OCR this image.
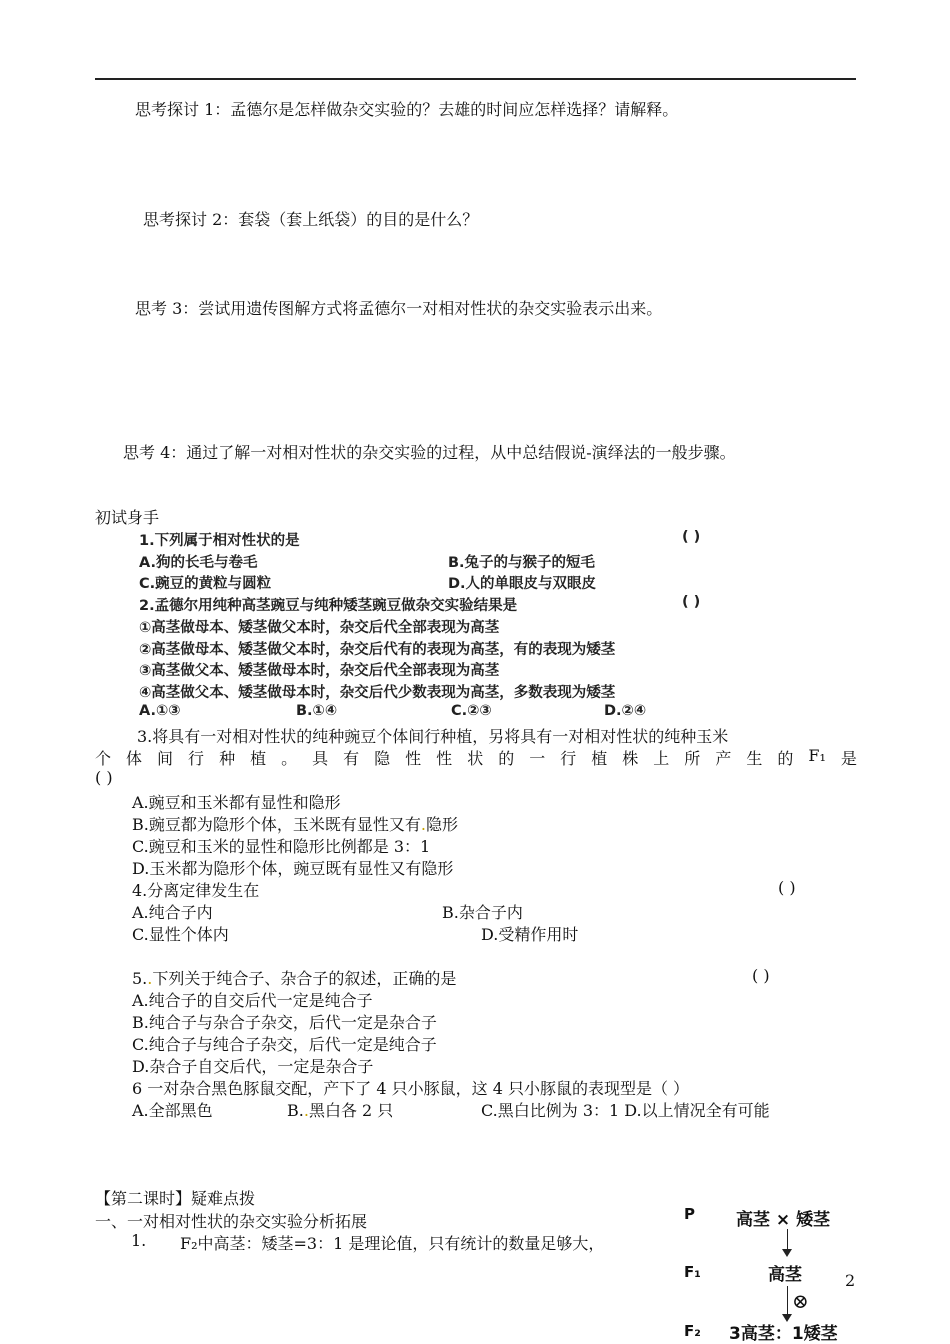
思考探讨 1：孟德尔是怎样做杂交实验的？去雄的时间应怎样选择？请解释。
思考探讨 2：套袋（套上纸袋）的目的是什么？
思考 3：尝试用遗传图解方式将孟德尔一对相对性状的杂交实验表示出来。
思考 4：通过了解一对相对性状的杂交实验的过程，从中总结假说-演绎法的一般步骤。
初试身手
1.下列属于相对性状的是	( )
A.狗的长毛与卷毛	B.兔子的与猴子的短毛
C.豌豆的黄粒与圆粒	D.人的单眼皮与双眼皮
2.孟德尔用纯种高茎豌豆与纯种矮茎豌豆做杂交实验结果是	( )
①高茎做母本、矮茎做父本时，杂交后代全部表现为高茎
②高茎做母本、矮茎做父本时，杂交后代有的表现为高茎，有的表现为矮茎
③高茎做父本、矮茎做母本时，杂交后代全部表现为高茎
④高茎做父本、矮茎做母本时，杂交后代少数表现为高茎，多数表现为矮茎
A.①③	B.①④	C.②③	D.②④
3.将具有一对相对性状的纯种豌豆个体间行种植，另将具有一对相对性状的纯种玉米
个 体 间 行 种 植 。 具 有 隐 性 性 状 的 一 行 植 株 上 所 产 生 的 F₁ 是
( )
A.豌豆和玉米都有显性和隐形
B.豌豆都为隐形个体，玉米既有显性又有.隐形
C.豌豆和玉米的显性和隐形比例都是 3：1
D.玉米都为隐形个体，豌豆既有显性又有隐形
4.分离定律发生在	( )
A.纯合子内	B.杂合子内
C.显性个体内	D.受精作用时
5..下列关于纯合子、杂合子的叙述，正确的是	( )
A.纯合子的自交后代一定是纯合子
B.纯合子与杂合子杂交，后代一定是杂合子
C.纯合子与纯合子杂交，后代一定是纯合子
D.杂合子自交后代，一定是杂合子
6 一对杂合黑色豚鼠交配，产下了 4 只小豚鼠，这 4 只小豚鼠的表现型是（ ）
A.全部黑色	B..黑白各 2 只	C.黑白比例为 3：1 D.以上情况全有可能
【第二课时】疑难点拨
一、一对相对性状的杂交实验分析拓展
1. F₂中高茎：矮茎=3：1 是理论值，只有统计的数量足够大，
P 高茎 × 矮茎
F₁	高茎
⊗
F₂ 3高茎：1矮茎
2
